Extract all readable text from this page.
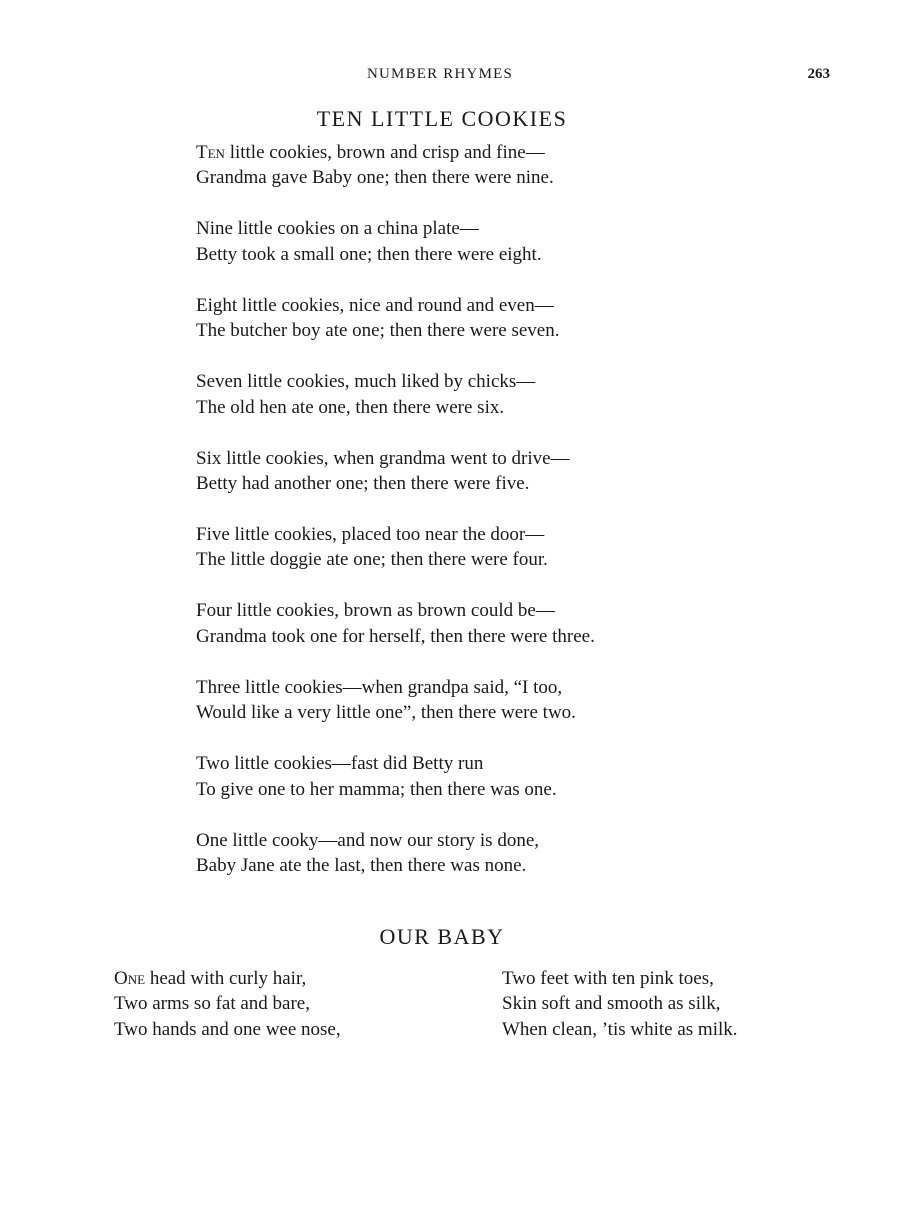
NUMBER RHYMES	263
TEN LITTLE COOKIES
Ten little cookies, brown and crisp and fine—
Grandma gave Baby one; then there were nine.
Nine little cookies on a china plate—
Betty took a small one; then there were eight.
Eight little cookies, nice and round and even—
The butcher boy ate one; then there were seven.
Seven little cookies, much liked by chicks—
The old hen ate one, then there were six.
Six little cookies, when grandma went to drive—
Betty had another one; then there were five.
Five little cookies, placed too near the door—
The little doggie ate one; then there were four.
Four little cookies, brown as brown could be—
Grandma took one for herself, then there were three.
Three little cookies—when grandpa said, “I too,
Would like a very little one”, then there were two.
Two little cookies—fast did Betty run
To give one to her mamma; then there was one.
One little cooky—and now our story is done,
Baby Jane ate the last, then there was none.
OUR BABY
One head with curly hair,
Two arms so fat and bare,
Two hands and one wee nose,
Two feet with ten pink toes,
Skin soft and smooth as silk,
When clean, ’tis white as milk.
